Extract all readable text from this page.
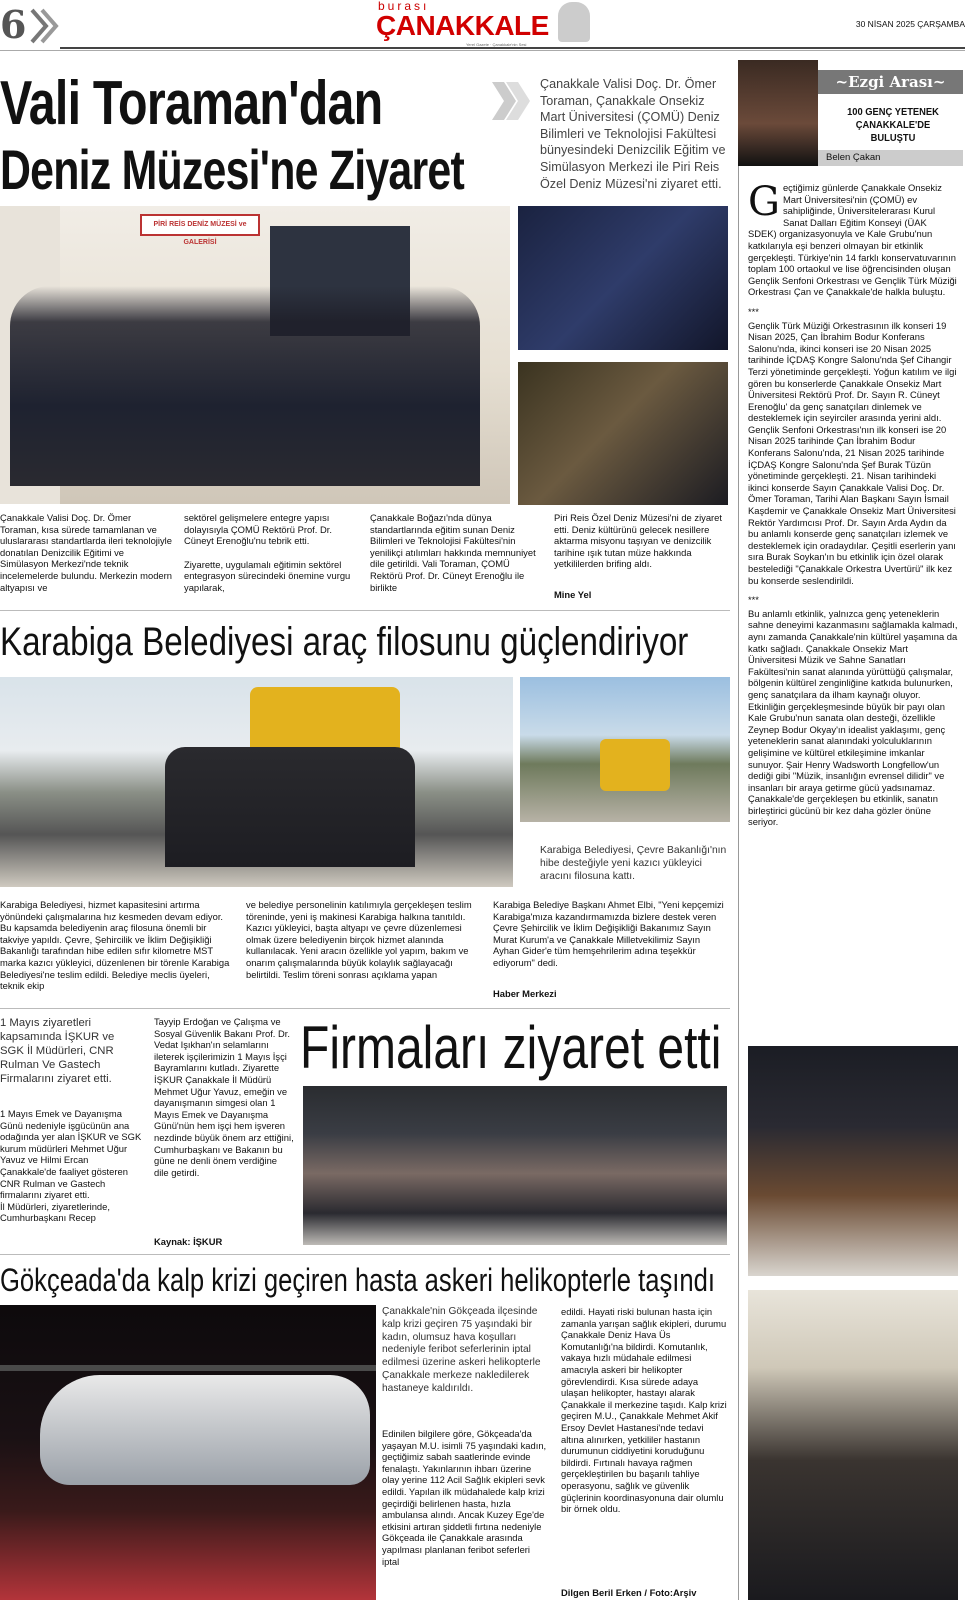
6	burası
ÇANAKKALE
Yerel Gazete · Çanakkale'nin Sesi
30 NİSAN 2025 ÇARŞAMBA
Vali Toraman'dan
Deniz Müzesi'ne Ziyaret
Çanakkale Valisi Doç. Dr. Ömer Toraman, Çanakkale Onsekiz Mart Üniversitesi (ÇOMÜ) Deniz Bilimleri ve Teknolojisi Fakültesi bünyesindeki Denizcilik Eğitim ve Simülasyon Merkezi ile Piri Reis Özel Deniz Müzesi'ni ziyaret etti.
PİRİ REİS DENİZ MÜZESİ ve GALERİSİ
Çanakkale Valisi Doç. Dr. Ömer Toraman, kısa sürede tamamlanan ve uluslararası standartlarda ileri teknolojiyle donatılan Denizcilik Eğitimi ve Simülasyon Merkezi'nde teknik incelemelerde bulundu. Merkezin modern altyapısı ve

sektörel gelişmelere entegre yapısı dolayısıyla ÇOMÜ Rektörü Prof. Dr. Cüneyt Erenoğlu'nu tebrik etti.

Ziyarette, uygulamalı eğitimin sektörel entegrasyon sürecindeki önemine vurgu yapılarak,

Çanakkale Boğazı'nda dünya standartlarında eğitim sunan Deniz Bilimleri ve Teknolojisi Fakültesi'nin yenilikçi atılımları hakkında memnuniyet dile getirildi. Vali Toraman, ÇOMÜ Rektörü Prof. Dr. Cüneyt Erenoğlu ile birlikte
Piri Reis Özel Deniz Müzesi'ni de ziyaret etti. Deniz kültürünü gelecek nesillere aktarma misyonu taşıyan ve denizcilik tarihine ışık tutan müze hakkında yetkililerden brifing aldı.
Mine Yel
Karabiga Belediyesi araç filosunu güçlendiriyor
Karabiga Belediyesi, Çevre Bakanlığı'nın hibe desteğiyle yeni kazıcı yükleyici aracını filosuna kattı.
Karabiga Belediyesi, hizmet kapasitesini artırma yönündeki çalışmalarına hız kesmeden devam ediyor. Bu kapsamda belediyenin araç filosuna önemli bir takviye yapıldı. Çevre, Şehircilik ve İklim Değişikliği Bakanlığı tarafından hibe edilen sıfır kilometre MST marka kazıcı yükleyici, düzenlenen bir törenle Karabiga Belediyesi'ne teslim edildi. Belediye meclis üyeleri, teknik ekip
ve belediye personelinin katılımıyla gerçekleşen teslim töreninde, yeni iş makinesi Karabiga halkına tanıtıldı. Kazıcı yükleyici, başta altyapı ve çevre düzenlemesi olmak üzere belediyenin birçok hizmet alanında kullanılacak. Yeni aracın özellikle yol yapım, bakım ve onarım çalışmalarında büyük kolaylık sağlayacağı belirtildi. Teslim töreni sonrası açıklama yapan
Karabiga Belediye Başkanı Ahmet Elbi, "Yeni kepçemizi Karabiga'mıza kazandırmamızda bizlere destek veren Çevre Şehircilik ve İklim Değişikliği Bakanımız Sayın Murat Kurum'a ve Çanakkale Milletvekilimiz Sayın Ayhan Gider'e tüm hemşehrilerim adına teşekkür ediyorum" dedi.
Haber Merkezi
1 Mayıs ziyaretleri kapsamında İŞKUR ve SGK İl Müdürleri, CNR Rulman Ve Gastech Firmalarını ziyaret etti.

1 Mayıs Emek ve Dayanışma Günü nedeniyle işgücünün ana odağında yer alan İŞKUR ve SGK kurum müdürleri Mehmet Uğur Yavuz ve Hilmi Ercan Çanakkale'de faaliyet gösteren CNR Rulman ve Gastech firmalarını ziyaret etti.

İl Müdürleri, ziyaretlerinde, Cumhurbaşkanı Recep

Tayyip Erdoğan ve Çalışma ve Sosyal Güvenlik Bakanı Prof. Dr. Vedat Işıkhan'ın selamlarını ileterek işçilerimizin 1 Mayıs İşçi Bayramlarını kutladı. Ziyarette İŞKUR Çanakkale İl Müdürü Mehmet Uğur Yavuz, emeğin ve dayanışmanın simgesi olan 1 Mayıs Emek ve Dayanışma Günü'nün hem işçi hem işveren nezdinde büyük önem arz ettiğini, Cumhurbaşkanı ve Bakanın bu güne ne denli önem verdiğine dile getirdi.
Kaynak: İŞKUR
Firmaları ziyaret etti
Gökçeada'da kalp krizi geçiren hasta askeri helikopterle taşındı
Çanakkale'nin Gökçeada ilçesinde kalp krizi geçiren 75 yaşındaki bir kadın, olumsuz hava koşulları nedeniyle feribot seferlerinin iptal edilmesi üzerine askeri helikopterle Çanakkale merkeze nakledilerek hastaneye kaldırıldı.
Edinilen bilgilere göre, Gökçeada'da yaşayan M.U. isimli 75 yaşındaki kadın, geçtiğimiz sabah saatlerinde evinde fenalaştı. Yakınlarının ihbarı üzerine olay yerine 112 Acil Sağlık ekipleri sevk edildi. Yapılan ilk müdahalede kalp krizi geçirdiği belirlenen hasta, hızla ambulansa alındı. Ancak Kuzey Ege'de etkisini artıran şiddetli fırtına nedeniyle Gökçeada ile Çanakkale arasında yapılması planlanan feribot seferleri iptal
edildi. Hayati riski bulunan hasta için zamanla yarışan sağlık ekipleri, durumu Çanakkale Deniz Hava Üs Komutanlığı'na bildirdi. Komutanlık, vakaya hızlı müdahale edilmesi amacıyla askeri bir helikopter görevlendirdi. Kısa sürede adaya ulaşan helikopter, hastayı alarak Çanakkale il merkezine taşıdı. Kalp krizi geçiren M.U., Çanakkale Mehmet Akif Ersoy Devlet Hastanesi'nde tedavi altına alınırken, yetkililer hastanın durumunun ciddiyetini koruduğunu bildirdi. Fırtınalı havaya rağmen gerçekleştirilen bu başarılı tahliye operasyonu, sağlık ve güvenlik güçlerinin koordinasyonuna dair olumlu bir örnek oldu.
Dilgen Beril Erken / Foto:Arşiv
~Ezgi Arası~
100 GENÇ YETENEK ÇANAKKALE'DE BULUŞTU
Belen Çakan
G eçtiğimiz günlerde Çanakkale Onsekiz Mart Üniversitesi'nin (ÇOMÜ) ev sahipliğinde, Üniversitelerarası Kurul Sanat Dalları Eğitim Konseyi (ÜAK SDEK) organizasyonuyla ve Kale Grubu'nun katkılarıyla eşi benzeri olmayan bir etkinlik gerçekleşti. Türkiye'nin 14 farklı konservatuvarının toplam 100 ortaokul ve lise öğrencisinden oluşan Gençlik Senfoni Orkestrası ve Gençlik Türk Müziği Orkestrası Çan ve Çanakkale'de halkla buluştu.

***

Gençlik Türk Müziği Orkestrasının ilk konseri 19 Nisan 2025, Çan İbrahim Bodur Konferans Salonu'nda, ikinci konseri ise 20 Nisan 2025 tarihinde İÇDAŞ Kongre Salonu'nda Şef Cihangir Terzi yönetiminde gerçekleşti. Yoğun katılım ve ilgi gören bu konserlerde Çanakkale Onsekiz Mart Üniversitesi Rektörü Prof. Dr. Sayın R. Cüneyt Erenoğlu' da genç sanatçıları dinlemek ve desteklemek için seyirciler arasında yerini aldı. Gençlik Senfoni Orkestrası'nın ilk konseri ise 20 Nisan 2025 tarihinde Çan İbrahim Bodur Konferans Salonu'nda, 21 Nisan 2025 tarihinde İÇDAŞ Kongre Salonu'nda Şef Burak Tüzün yönetiminde gerçekleşti. 21. Nisan tarihindeki ikinci konserde Sayın Çanakkale Valisi Doç. Dr. Ömer Toraman, Tarihi Alan Başkanı Sayın İsmail Kaşdemir ve Çanakkale Onsekiz Mart Üniversitesi Rektör Yardımcısı Prof. Dr. Sayın Arda Aydın da bu anlamlı konserde genç sanatçıları izlemek ve desteklemek için oradaydılar. Çeşitli eserlerin yanı sıra Burak Soykan'ın bu etkinlik için özel olarak bestelediği "Çanakkale Orkestra Uvertürü" ilk kez bu konserde seslendirildi.

***

Bu anlamlı etkinlik, yalnızca genç yeteneklerin sahne deneyimi kazanmasını sağlamakla kalmadı, aynı zamanda Çanakkale'nin kültürel yaşamına da katkı sağladı. Çanakkale Onsekiz Mart Üniversitesi Müzik ve Sahne Sanatları Fakültesi'nin sanat alanında yürüttüğü çalışmalar, bölgenin kültürel zenginliğine katkıda bulunurken, genç sanatçılara da ilham kaynağı oluyor. Etkinliğin gerçekleşmesinde büyük bir payı olan Kale Grubu'nun sanata olan desteği, özellikle Zeynep Bodur Okyay'ın idealist yaklaşımı, genç yeteneklerin sanat alanındaki yolculuklarının gelişimine ve kültürel etkileşimine imkanlar sunuyor. Şair Henry Wadsworth Longfellow'un dediği gibi "Müzik, insanlığın evrensel dilidir" ve insanları bir araya getirme gücü yadsınamaz. Çanakkale'de gerçekleşen bu etkinlik, sanatın birleştirici gücünü bir kez daha gözler önüne seriyor.
